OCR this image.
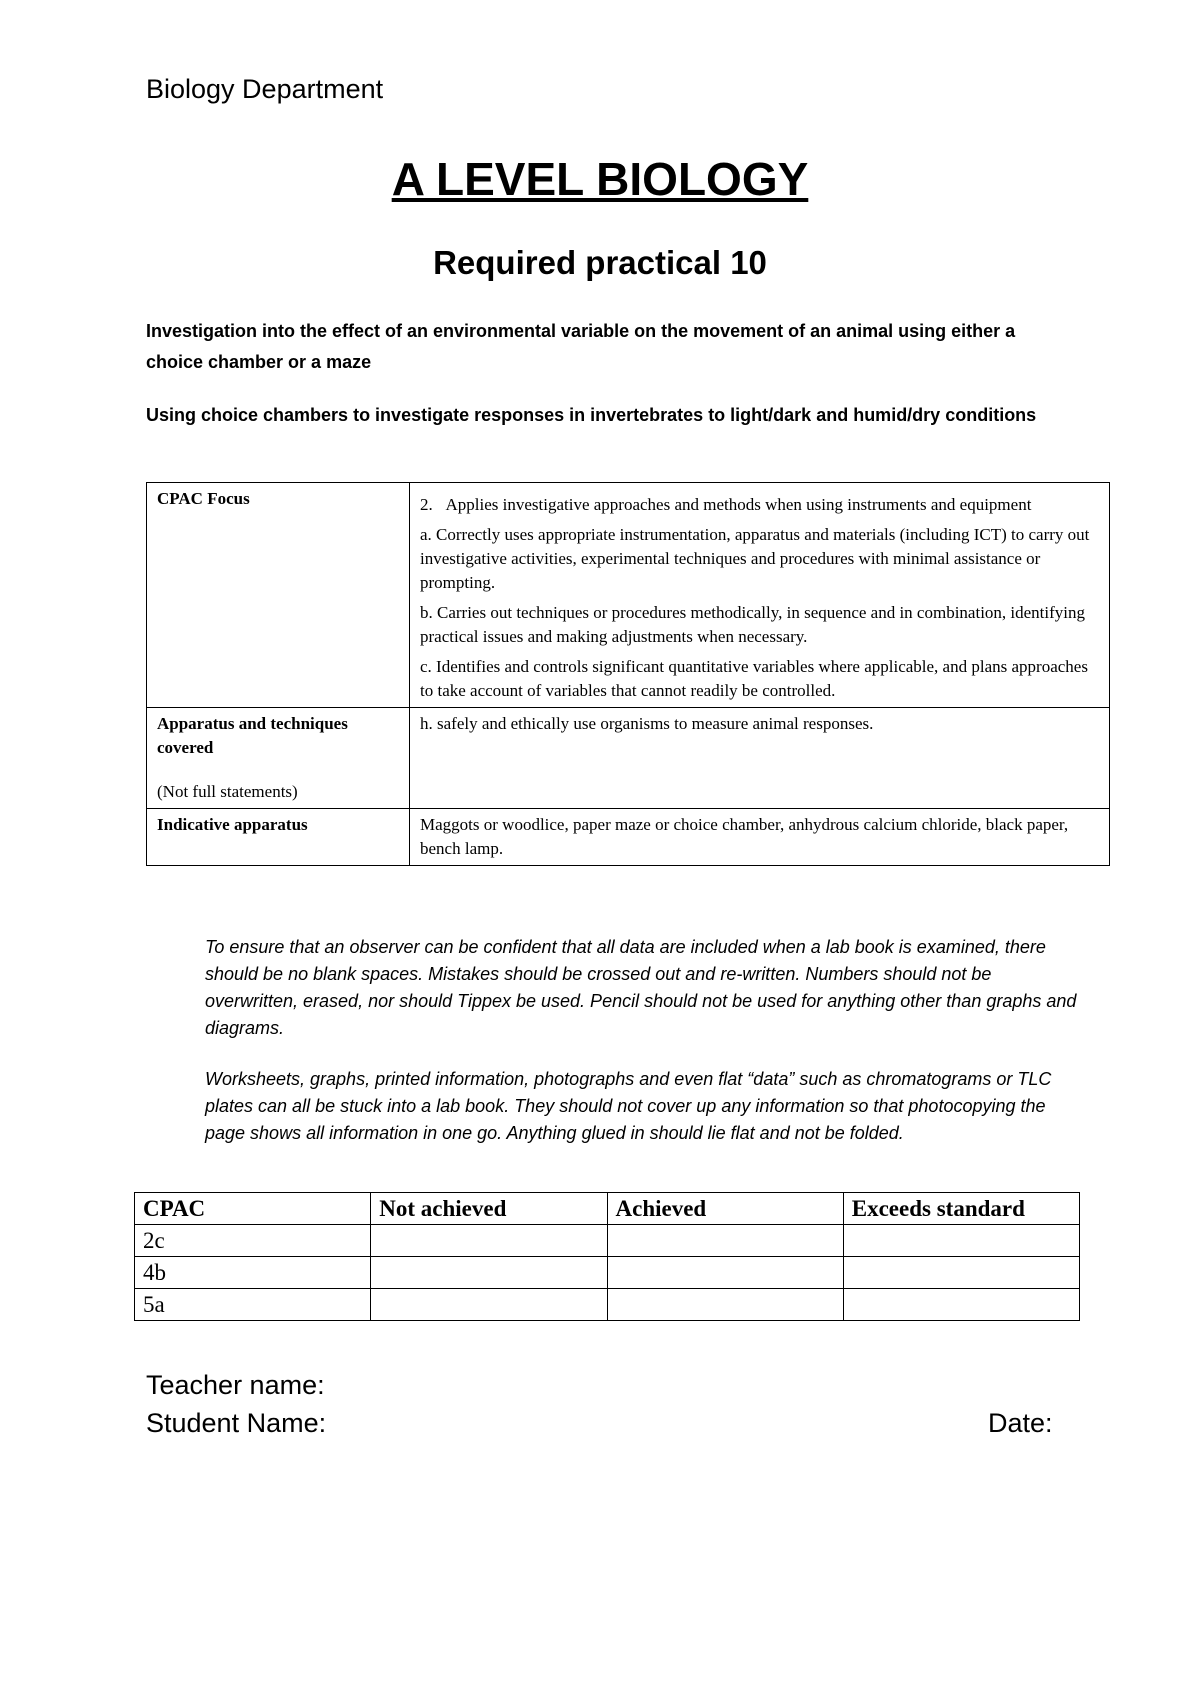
Biology Department
A LEVEL BIOLOGY
Required practical 10
Investigation into the effect of an environmental variable on the movement of an animal using either a choice chamber or a maze
Using choice chambers to investigate responses in invertebrates to light/dark and humid/dry conditions
CPAC Focus	2.   Applies investigative approaches and methods when using instruments and equipment
a. Correctly uses appropriate instrumentation, apparatus and materials (including ICT) to carry out investigative activities, experimental techniques and procedures with minimal assistance or prompting.
b. Carries out techniques or procedures methodically, in sequence and in combination, identifying practical issues and making adjustments when necessary.
c. Identifies and controls significant quantitative variables where applicable, and plans approaches to take account of variables that cannot readily be controlled.

Apparatus and techniques covered
(Not full statements)	h. safely and ethically use organisms to measure animal responses.
Indicative apparatus	Maggots or woodlice, paper maze or choice chamber, anhydrous calcium chloride, black paper, bench lamp.
To ensure that an observer can be confident that all data are included when a lab book is examined, there should be no blank spaces. Mistakes should be crossed out and re-written. Numbers should not be overwritten, erased, nor should Tippex be used. Pencil should not be used for anything other than graphs and diagrams.
Worksheets, graphs, printed information, photographs and even flat “data” such as chromatograms or TLC plates can all be stuck into a lab book. They should not cover up any information so that photocopying the page shows all information in one go. Anything glued in should lie flat and not be folded.
CPAC	Not achieved	Achieved	Exceeds standard
2c			
4b			
5a			
Teacher name:
Student Name:	Date:
